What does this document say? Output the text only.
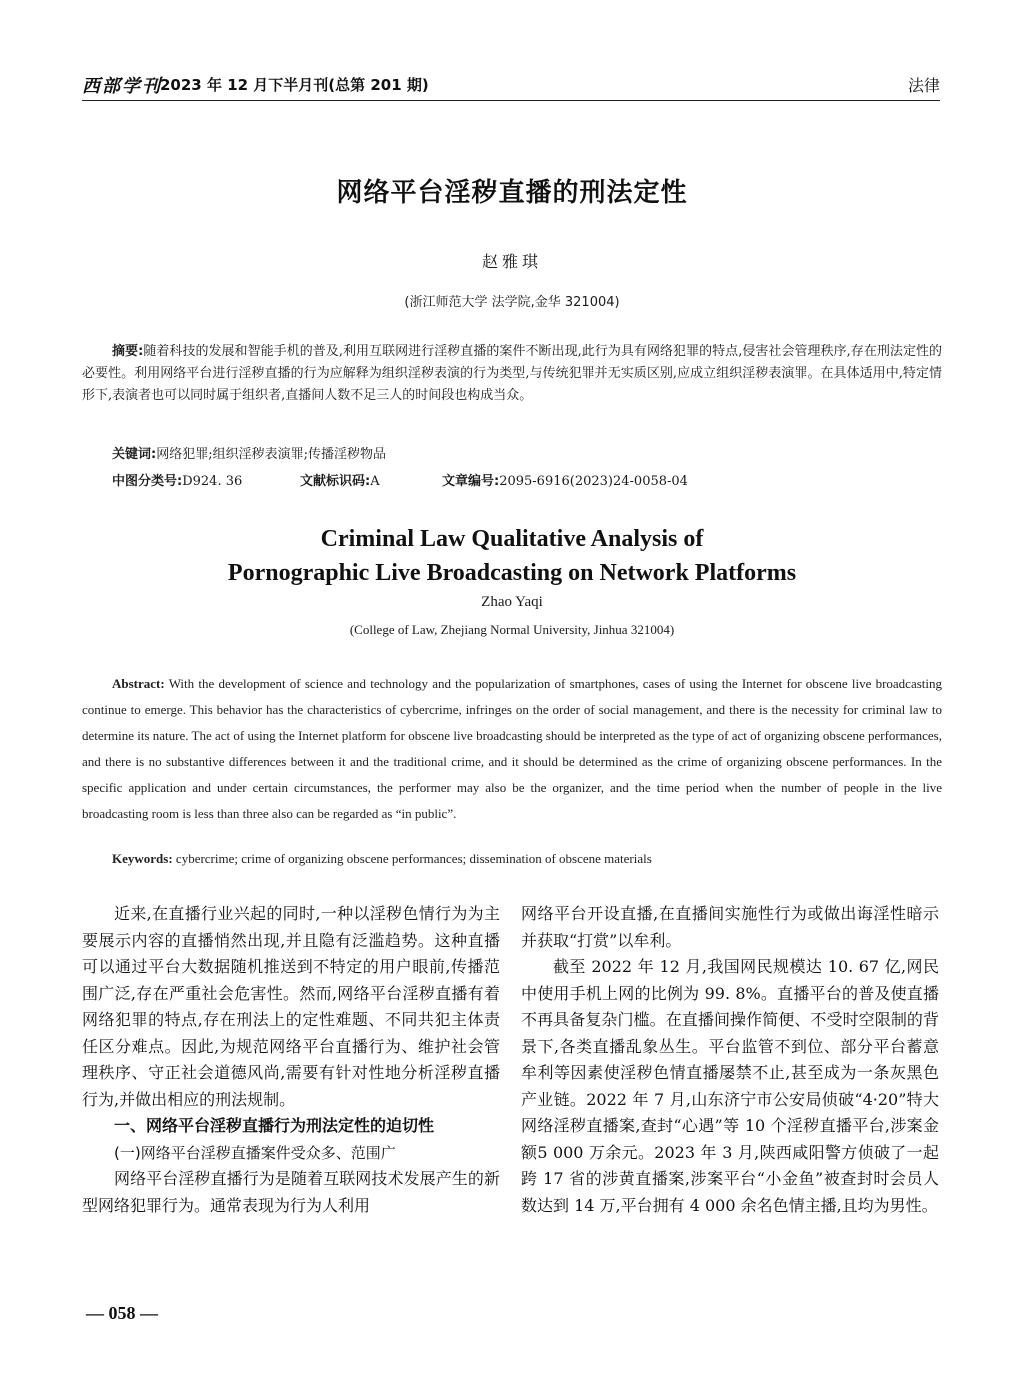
西部学刊
2023 年 12 月下半月刊(总第 201 期)	法律
网络平台淫秽直播的刑法定性
赵雅琪
(浙江师范大学 法学院,金华 321004)
摘要:随着科技的发展和智能手机的普及,利用互联网进行淫秽直播的案件不断出现,此行为具有网络犯罪的特点,侵害社会管理秩序,存在刑法定性的必要性。利用网络平台进行淫秽直播的行为应解释为组织淫秽表演的行为类型,与传统犯罪并无实质区别,应成立组织淫秽表演罪。在具体适用中,特定情形下,表演者也可以同时属于组织者,直播间人数不足三人的时间段也构成当众。
关键词:网络犯罪;组织淫秽表演罪;传播淫秽物品
中图分类号:D924. 36	文献标识码:A	文章编号:2095-6916(2023)24-0058-04
Criminal Law Qualitative Analysis of
Pornographic Live Broadcasting on Network Platforms
Zhao Yaqi
(College of Law, Zhejiang Normal University, Jinhua 321004)
Abstract: With the development of science and technology and the popularization of smartphones, cases of using the Internet for obscene live broadcasting continue to emerge. This behavior has the characteristics of cybercrime, infringes on the order of social management, and there is the necessity for criminal law to determine its nature. The act of using the Internet platform for obscene live broadcasting should be interpreted as the type of act of organizing obscene performances, and there is no substantive differences between it and the traditional crime, and it should be determined as the crime of organizing obscene performances. In the specific application and under certain circumstances, the performer may also be the organizer, and the time period when the number of people in the live broadcasting room is less than three also can be regarded as “in public”.
Keywords: cybercrime; crime of organizing obscene performances; dissemination of obscene materials

近来,在直播行业兴起的同时,一种以淫秽色情行为为主要展示内容的直播悄然出现,并且隐有泛滥趋势。这种直播可以通过平台大数据随机推送到不特定的用户眼前,传播范围广泛,存在严重社会危害性。然而,网络平台淫秽直播有着网络犯罪的特点,存在刑法上的定性难题、不同共犯主体责任区分难点。因此,为规范网络平台直播行为、维护社会管理秩序、守正社会道德风尚,需要有针对性地分析淫秽直播行为,并做出相应的刑法规制。

一、网络平台淫秽直播行为刑法定性的迫切性
(一)网络平台淫秽直播案件受众多、范围广

网络平台淫秽直播行为是随着互联网技术发展产生的新型网络犯罪行为。通常表现为行为人利用

网络平台开设直播,在直播间实施性行为或做出诲淫性暗示并获取“打赏”以牟利。

截至 2022 年 12 月,我国网民规模达 10. 67 亿,网民中使用手机上网的比例为 99. 8%。直播平台的普及使直播不再具备复杂门槛。在直播间操作简便、不受时空限制的背景下,各类直播乱象丛生。平台监管不到位、部分平台蓄意牟利等因素使淫秽色情直播屡禁不止,甚至成为一条灰黑色产业链。2022 年 7 月,山东济宁市公安局侦破“4·20”特大网络淫秽直播案,查封“心遇”等 10 个淫秽直播平台,涉案金额5 000 万余元。2023 年 3 月,陕西咸阳警方侦破了一起跨 17 省的涉黄直播案,涉案平台“小金鱼”被查封时会员人数达到 14 万,平台拥有 4 000 余名色情主播,且均为男性。

— 058 —
